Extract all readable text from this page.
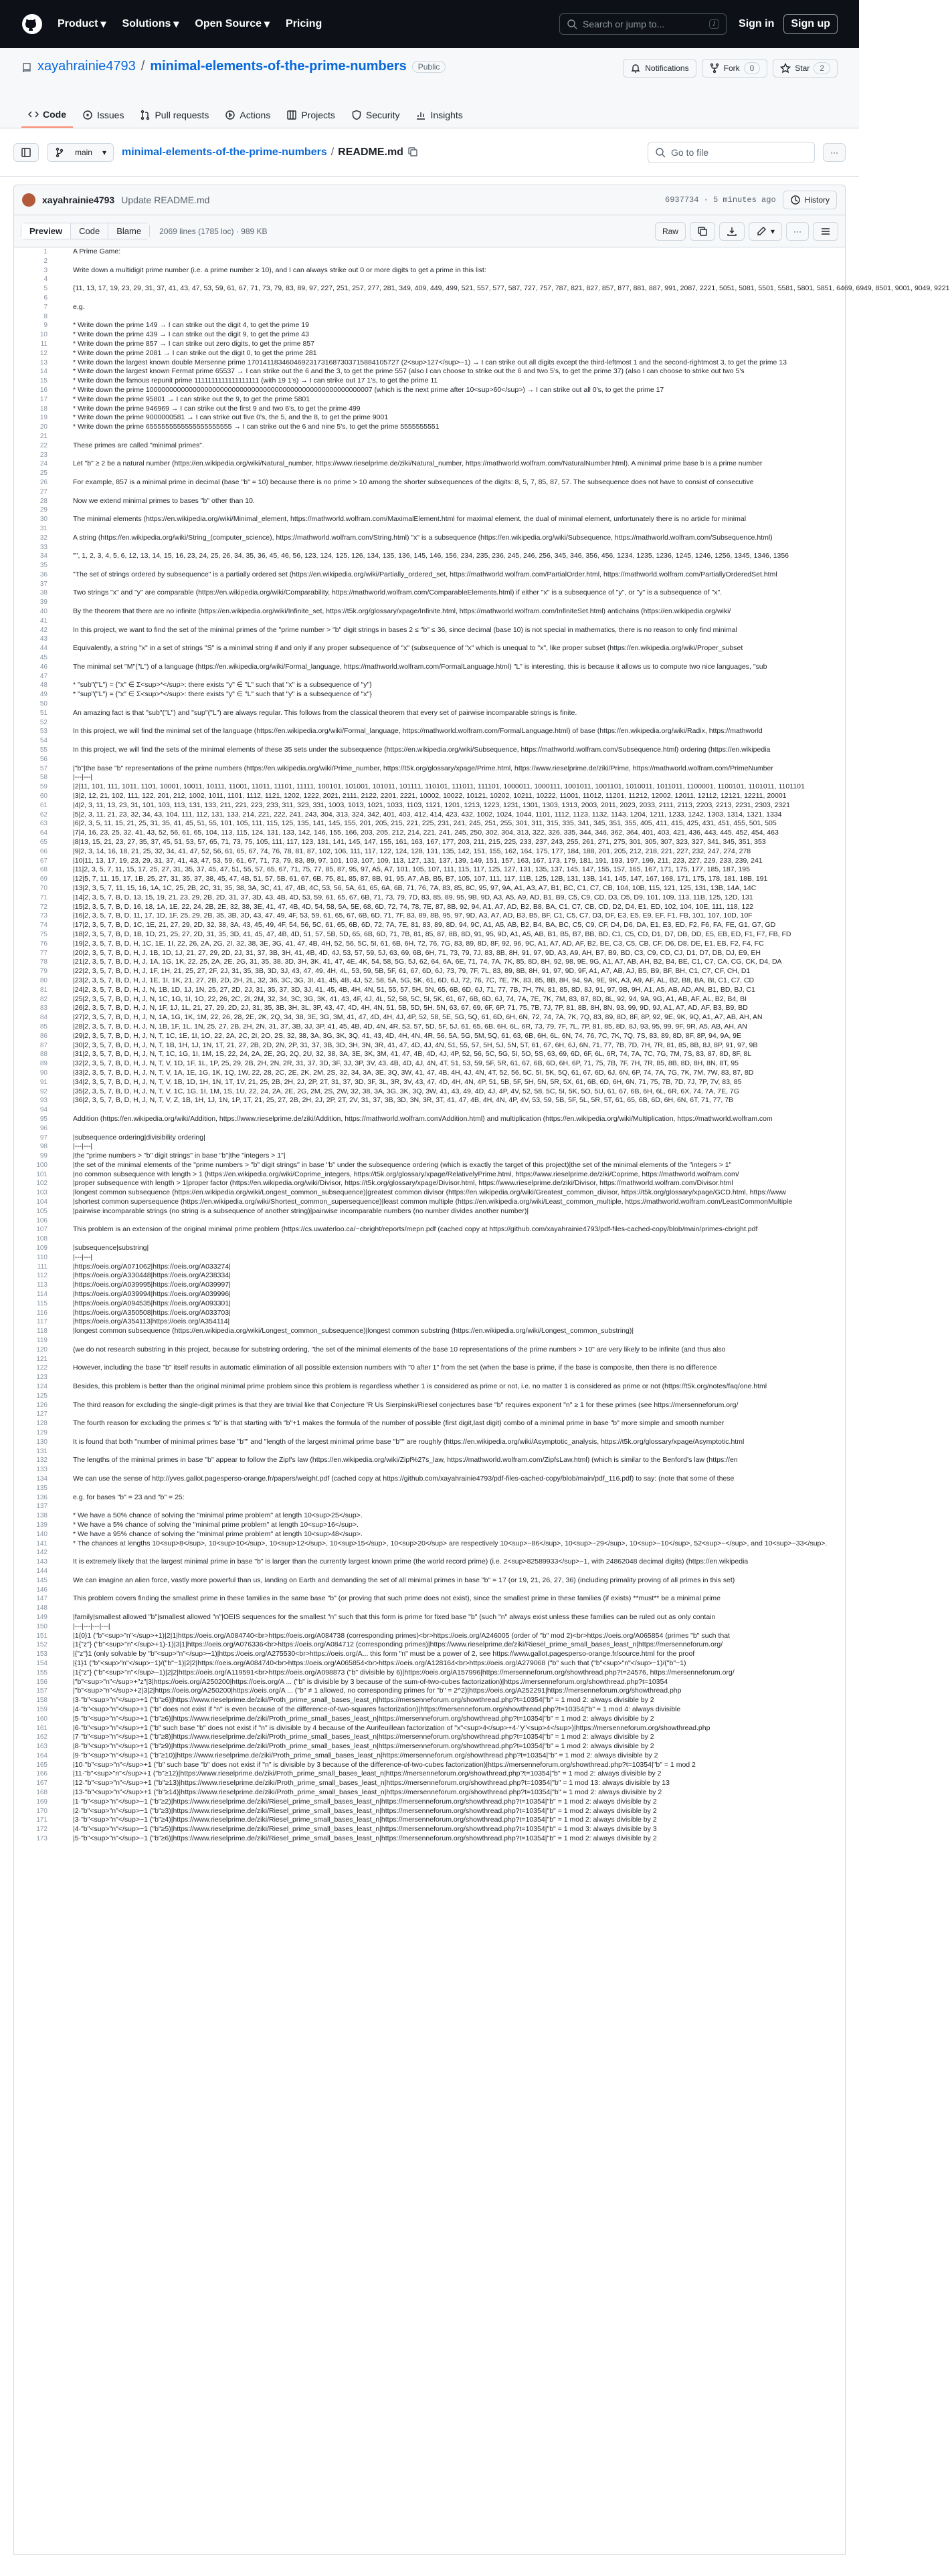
Product ▾ Solutions ▾ Open Source ▾ Pricing	Search or jump to...	/	Sign in	Sign up
xayahrainie4793 / minimal-elements-of-the-prime-numbers	Public	Notifications	Fork	0	Star	2
Code	Issues	Pull requests	Actions	Projects	Security	Insights
main ▾ minimal-elements-of-the-prime-numbers / README.md	Go to file	···
xayahrainie4793 Update README.md	6937734 · 5 minutes ago	History
Preview	Code	Blame	2069 lines (1785 loc) · 989 KB	Raw	▾ ···
1	A Prime Game:
2
3	Write down a multidigit prime number (i.e. a prime number ≥ 10), and I can always strike out 0 or more digits to get a prime in this list:
4
5	{11, 13, 17, 19, 23, 29, 31, 37, 41, 43, 47, 53, 59, 61, 67, 71, 73, 79, 83, 89, 97, 227, 251, 257, 277, 281, 349, 409, 449, 499, 521, 557, 577, 587, 727, 757, 787, 821, 827, 857, 877, 881, 887, 991, 2087, 2221, 5051, 5081, 5501, 5581, 5801, 5851, 6469, 6949, 8501, 9001, 9049, 9221
6
7	e.g.
8
9	* Write down the prime 149 → I can strike out the digit 4, to get the prime 19
10	* Write down the prime 439 → I can strike out the digit 9, to get the prime 43
11	* Write down the prime 857 → I can strike out zero digits, to get the prime 857
12	* Write down the prime 2081 → I can strike out the digit 0, to get the prime 281
13	* Write down the largest known double Mersenne prime 170141183460469231731687303715884105727 (2<sup>127</sup>−1) → I can strike out all digits except the third-leftmost 1 and the second-rightmost 3, to get the prime 13
14	* Write down the largest known Fermat prime 65537 → I can strike out the 6 and the 3, to get the prime 557 (also I can choose to strike out the 6 and two 5's, to get the prime 37) (also I can choose to strike out two 5's
15	* Write down the famous repunit prime 1111111111111111111 (with 19 1's) → I can strike out 17 1's, to get the prime 11
16	* Write down the prime 1000000000000000000000000000000000000000000000000000000007 (which is the next prime after 10<sup>60</sup>) → I can strike out all 0's, to get the prime 17
17	* Write down the prime 95801 → I can strike out the 9, to get the prime 5801
18	* Write down the prime 946969 → I can strike out the first 9 and two 6's, to get the prime 499
19	* Write down the prime 9000000581 → I can strike out five 0's, the 5, and the 8, to get the prime 9001
20	* Write down the prime 6555555555555555555555 → I can strike out the 6 and nine 5's, to get the prime 5555555551
21
22	These primes are called "minimal primes".
23
24	Let "b" ≥ 2 be a natural number (https://en.wikipedia.org/wiki/Natural_number, https://www.rieselprime.de/ziki/Natural_number, https://mathworld.wolfram.com/NaturalNumber.html). A minimal prime base b is a prime number
25
26	For example, 857 is a minimal prime in decimal (base "b" = 10) because there is no prime > 10 among the shorter subsequences of the digits: 8, 5, 7, 85, 87, 57. The subsequence does not have to consist of consecutive
27
28	Now we extend minimal primes to bases "b" other than 10.
29
30	The minimal elements (https://en.wikipedia.org/wiki/Minimal_element, https://mathworld.wolfram.com/MaximalElement.html for maximal element, the dual of minimal element, unfortunately there is no article for minimal
31
32	A string (https://en.wikipedia.org/wiki/String_(computer_science), https://mathworld.wolfram.com/String.html) "x" is a subsequence (https://en.wikipedia.org/wiki/Subsequence, https://mathworld.wolfram.com/Subsequence.html)
33
34	"", 1, 2, 3, 4, 5, 6, 12, 13, 14, 15, 16, 23, 24, 25, 26, 34, 35, 36, 45, 46, 56, 123, 124, 125, 126, 134, 135, 136, 145, 146, 156, 234, 235, 236, 245, 246, 256, 345, 346, 356, 456, 1234, 1235, 1236, 1245, 1246, 1256, 1345, 1346, 1356
35
36	"The set of strings ordered by subsequence" is a partially ordered set (https://en.wikipedia.org/wiki/Partially_ordered_set, https://mathworld.wolfram.com/PartialOrder.html, https://mathworld.wolfram.com/PartiallyOrderedSet.html
37
38	Two strings "x" and "y" are comparable (https://en.wikipedia.org/wiki/Comparability, https://mathworld.wolfram.com/ComparableElements.html) if either "x" is a subsequence of "y", or "y" is a subsequence of "x".
39
40	By the theorem that there are no infinite (https://en.wikipedia.org/wiki/Infinite_set, https://t5k.org/glossary/xpage/Infinite.html, https://mathworld.wolfram.com/InfiniteSet.html) antichains (https://en.wikipedia.org/wiki/
41
42	In this project, we want to find the set of the minimal primes of the "prime number > "b" digit strings in bases 2 ≤ "b" ≤ 36, since decimal (base 10) is not special in mathematics, there is no reason to only find minimal
43
44	Equivalently, a string "x" in a set of strings "S" is a minimal string if and only if any proper subsequence of "x" (subsequence of "x" which is unequal to "x", like proper subset (https://en.wikipedia.org/wiki/Proper_subset
45
46	The minimal set "M"("L") of a language (https://en.wikipedia.org/wiki/Formal_language, https://mathworld.wolfram.com/FormalLanguage.html) "L" is interesting, this is because it allows us to compute two nice languages, "sub
47
48	* "sub"("L") = {"x" ∈ Σ<sup>*</sup>: there exists "y" ∈ "L" such that "x" is a subsequence of "y"}
49	* "sup"("L") = {"x" ∈ Σ<sup>*</sup>: there exists "y" ∈ "L" such that "y" is a subsequence of "x"}
50
51	An amazing fact is that "sub"("L") and "sup"("L") are always regular. This follows from the classical theorem that every set of pairwise incomparable strings is finite.
52
53	In this project, we will find the minimal set of the language (https://en.wikipedia.org/wiki/Formal_language, https://mathworld.wolfram.com/FormalLanguage.html) of base (https://en.wikipedia.org/wiki/Radix, https://mathworld
54
55	In this project, we will find the sets of the minimal elements of these 35 sets under the subsequence (https://en.wikipedia.org/wiki/Subsequence, https://mathworld.wolfram.com/Subsequence.html) ordering (https://en.wikipedia
56
57	|"b"|the base "b" representations of the prime numbers (https://en.wikipedia.org/wiki/Prime_number, https://t5k.org/glossary/xpage/Prime.html, https://www.rieselprime.de/ziki/Prime, https://mathworld.wolfram.com/PrimeNumber
58	|---|---|
59	|2|11, 101, 111, 1011, 1101, 10001, 10011, 10111, 11001, 11011, 11101, 11111, 100101, 101001, 101011, 101111, 110101, 111011, 111101, 1000011, 1000111, 1001011, 1001101, 1010011, 1011011, 1100001, 1100101, 1101011, 1101101
60	|3|2, 12, 21, 102, 111, 122, 201, 212, 1002, 1011, 1101, 1112, 1121, 1202, 1222, 2021, 2111, 2122, 2201, 2221, 10002, 10022, 10121, 10202, 10211, 10222, 11001, 11012, 11201, 11212, 12002, 12011, 12112, 12121, 12211, 20001
61	|4|2, 3, 11, 13, 23, 31, 101, 103, 113, 131, 133, 211, 221, 223, 233, 311, 323, 331, 1003, 1013, 1021, 1033, 1103, 1121, 1201, 1213, 1223, 1231, 1301, 1303, 1313, 2003, 2011, 2023, 2033, 2111, 2113, 2203, 2213, 2231, 2303, 2321
62	|5|2, 3, 11, 21, 23, 32, 34, 43, 104, 111, 112, 131, 133, 214, 221, 222, 241, 243, 304, 313, 324, 342, 401, 403, 412, 414, 423, 432, 1002, 1024, 1044, 1101, 1112, 1123, 1132, 1143, 1204, 1211, 1233, 1242, 1303, 1314, 1321, 1334
63	|6|2, 3, 5, 11, 15, 21, 25, 31, 35, 41, 45, 51, 55, 101, 105, 111, 115, 125, 135, 141, 145, 155, 201, 205, 215, 221, 225, 231, 241, 245, 251, 255, 301, 311, 315, 335, 341, 345, 351, 355, 405, 411, 415, 425, 431, 451, 455, 501, 505
64	|7|4, 16, 23, 25, 32, 41, 43, 52, 56, 61, 65, 104, 113, 115, 124, 131, 133, 142, 146, 155, 166, 203, 205, 212, 214, 221, 241, 245, 250, 302, 304, 313, 322, 326, 335, 344, 346, 362, 364, 401, 403, 421, 436, 443, 445, 452, 454, 463
65	|8|13, 15, 21, 23, 27, 35, 37, 45, 51, 53, 57, 65, 71, 73, 75, 105, 111, 117, 123, 131, 141, 145, 147, 155, 161, 163, 167, 177, 203, 211, 215, 225, 233, 237, 243, 255, 261, 271, 275, 301, 305, 307, 323, 327, 341, 345, 351, 353
66	|9|2, 3, 14, 16, 18, 21, 25, 32, 34, 41, 47, 52, 56, 61, 65, 67, 74, 76, 78, 81, 87, 102, 106, 111, 117, 122, 124, 128, 131, 135, 142, 151, 155, 162, 164, 175, 177, 184, 188, 201, 205, 212, 218, 221, 227, 232, 247, 274, 278
67	|10|11, 13, 17, 19, 23, 29, 31, 37, 41, 43, 47, 53, 59, 61, 67, 71, 73, 79, 83, 89, 97, 101, 103, 107, 109, 113, 127, 131, 137, 139, 149, 151, 157, 163, 167, 173, 179, 181, 191, 193, 197, 199, 211, 223, 227, 229, 233, 239, 241
68	|11|2, 3, 5, 7, 11, 15, 17, 25, 27, 31, 35, 37, 45, 47, 51, 55, 57, 65, 67, 71, 75, 77, 85, 87, 95, 97, A5, A7, 101, 105, 107, 111, 115, 117, 125, 127, 131, 135, 137, 145, 147, 155, 157, 165, 167, 171, 175, 177, 185, 187, 195
69	|12|5, 7, 11, 15, 17, 1B, 25, 27, 31, 35, 37, 38, 45, 47, 4B, 51, 57, 5B, 61, 67, 6B, 75, 81, 85, 87, 8B, 91, 95, A7, AB, B5, B7, 105, 107, 111, 117, 11B, 125, 12B, 131, 13B, 141, 145, 147, 167, 168, 171, 175, 178, 181, 18B, 191
70	|13|2, 3, 5, 7, 11, 15, 16, 1A, 1C, 25, 2B, 2C, 31, 35, 38, 3A, 3C, 41, 47, 4B, 4C, 53, 56, 5A, 61, 65, 6A, 6B, 71, 76, 7A, 83, 85, 8C, 95, 97, 9A, A1, A3, A7, B1, BC, C1, C7, CB, 104, 10B, 115, 121, 125, 131, 13B, 14A, 14C
71	|14|2, 3, 5, 7, B, D, 13, 15, 19, 21, 23, 29, 2B, 2D, 31, 37, 3D, 43, 4B, 4D, 53, 59, 61, 65, 67, 6B, 71, 73, 79, 7D, 83, 85, 89, 95, 9B, 9D, A3, A5, A9, AD, B1, B9, C5, C9, CD, D3, D5, D9, 101, 109, 113, 11B, 125, 12D, 131
72	|15|2, 3, 5, 7, B, D, 16, 18, 1A, 1E, 22, 24, 2B, 2E, 32, 38, 3E, 41, 47, 4B, 4D, 54, 58, 5A, 5E, 68, 6D, 72, 74, 78, 7E, 87, 8B, 92, 94, A1, A7, AD, B2, B8, BA, C1, C7, CB, CD, D2, D4, E1, ED, 102, 104, 10E, 111, 118, 122
73	|16|2, 3, 5, 7, B, D, 11, 17, 1D, 1F, 25, 29, 2B, 35, 3B, 3D, 43, 47, 49, 4F, 53, 59, 61, 65, 67, 6B, 6D, 71, 7F, 83, 89, 8B, 95, 97, 9D, A3, A7, AD, B3, B5, BF, C1, C5, C7, D3, DF, E3, E5, E9, EF, F1, FB, 101, 107, 10D, 10F
74	|17|2, 3, 5, 7, B, D, 1C, 1E, 21, 27, 29, 2D, 32, 38, 3A, 43, 45, 49, 4F, 54, 56, 5C, 61, 65, 6B, 6D, 72, 7A, 7E, 81, 83, 89, 8D, 94, 9C, A1, A5, AB, B2, B4, BA, BC, C5, C9, CF, D4, D6, DA, E1, E3, ED, F2, F6, FA, FE, G1, G7, GD
75	|18|2, 3, 5, 7, B, D, 1B, 1D, 21, 25, 27, 2D, 31, 35, 3D, 41, 45, 47, 4B, 4D, 51, 57, 5B, 5D, 65, 6B, 6D, 71, 7B, 81, 85, 87, 8B, 8D, 91, 95, 9D, A1, A5, AB, B1, B5, B7, BB, BD, C1, C5, CD, D1, D7, DB, DD, E5, EB, ED, F1, F7, FB, FD
76	|19|2, 3, 5, 7, B, D, H, 1C, 1E, 1I, 22, 26, 2A, 2G, 2I, 32, 38, 3E, 3G, 41, 47, 4B, 4H, 52, 56, 5C, 5I, 61, 6B, 6H, 72, 76, 7G, 83, 89, 8D, 8F, 92, 96, 9C, A1, A7, AD, AF, B2, BE, C3, C5, CB, CF, D6, D8, DE, E1, EB, F2, F4, FC
77	|20|2, 3, 5, 7, B, D, H, J, 1B, 1D, 1J, 21, 27, 29, 2D, 2J, 31, 37, 3B, 3H, 41, 4B, 4D, 4J, 53, 57, 59, 5J, 63, 69, 6B, 6H, 71, 73, 79, 7J, 83, 8B, 8H, 91, 97, 9D, A3, A9, AH, B7, B9, BD, C3, C9, CD, CJ, D1, D7, DB, DJ, E9, EH
78	|21|2, 3, 5, 7, B, D, H, J, 1A, 1G, 1K, 22, 25, 2A, 2E, 2G, 31, 35, 38, 3D, 3H, 3K, 41, 47, 4E, 4K, 54, 58, 5G, 5J, 62, 64, 6A, 6E, 71, 74, 7A, 7K, 85, 8D, 8H, 92, 98, 9E, 9G, A1, A7, AB, AH, B2, B4, BE, C1, C7, CA, CG, CK, D4, DA
79	|22|2, 3, 5, 7, B, D, H, J, 1F, 1H, 21, 25, 27, 2F, 2J, 31, 35, 3B, 3D, 3J, 43, 47, 49, 4H, 4L, 53, 59, 5B, 5F, 61, 67, 6D, 6J, 73, 79, 7F, 7L, 83, 89, 8B, 8H, 91, 97, 9D, 9F, A1, A7, AB, AJ, B5, B9, BF, BH, C1, C7, CF, CH, D1
80	|23|2, 3, 5, 7, B, D, H, J, 1E, 1I, 1K, 21, 27, 2B, 2D, 2H, 2L, 32, 36, 3C, 3G, 3I, 41, 45, 4B, 4J, 52, 58, 5A, 5G, 5K, 61, 6D, 6J, 72, 76, 7C, 7E, 7K, 83, 85, 8B, 8H, 94, 9A, 9E, 9K, A3, A9, AF, AL, B2, B8, BA, BI, C1, C7, CD
81	|24|2, 3, 5, 7, B, D, H, J, N, 1B, 1D, 1J, 1N, 25, 27, 2D, 2J, 31, 35, 37, 3D, 3J, 41, 45, 4B, 4H, 4N, 51, 55, 57, 5H, 5N, 65, 6B, 6D, 6J, 71, 77, 7B, 7H, 7N, 81, 85, 8D, 8J, 91, 97, 9B, 9H, A1, A5, AB, AD, AN, B1, BD, BJ, C1
82	|25|2, 3, 5, 7, B, D, H, J, N, 1C, 1G, 1I, 1O, 22, 26, 2C, 2I, 2M, 32, 34, 3C, 3G, 3K, 41, 43, 4F, 4J, 4L, 52, 58, 5C, 5I, 5K, 61, 67, 6B, 6D, 6J, 74, 7A, 7E, 7K, 7M, 83, 87, 8D, 8L, 92, 94, 9A, 9G, A1, AB, AF, AL, B2, B4, BI
83	|26|2, 3, 5, 7, B, D, H, J, N, 1F, 1J, 1L, 21, 27, 29, 2D, 2J, 31, 35, 3B, 3H, 3L, 3P, 43, 47, 4D, 4H, 4N, 51, 5B, 5D, 5H, 5N, 63, 67, 69, 6F, 6P, 71, 75, 7B, 7J, 7P, 81, 8B, 8H, 8N, 93, 99, 9D, 9J, A1, A7, AD, AF, B3, B9, BD
84	|27|2, 3, 5, 7, B, D, H, J, N, 1A, 1G, 1K, 1M, 22, 26, 28, 2E, 2K, 2Q, 34, 38, 3E, 3G, 3M, 41, 47, 4D, 4H, 4J, 4P, 52, 58, 5E, 5G, 5Q, 61, 6D, 6H, 6N, 72, 74, 7A, 7K, 7Q, 83, 89, 8D, 8F, 8P, 92, 9E, 9K, 9Q, A1, A7, AB, AH, AN
85	|28|2, 3, 5, 7, B, D, H, J, N, 1B, 1F, 1L, 1N, 25, 27, 2B, 2H, 2N, 31, 37, 3B, 3J, 3P, 41, 45, 4B, 4D, 4N, 4R, 53, 57, 5D, 5F, 5J, 61, 65, 6B, 6H, 6L, 6R, 73, 79, 7F, 7L, 7P, 81, 85, 8D, 8J, 93, 95, 99, 9F, 9R, A5, AB, AH, AN
86	|29|2, 3, 5, 7, B, D, H, J, N, T, 1C, 1E, 1I, 1O, 22, 2A, 2C, 2I, 2O, 2S, 32, 38, 3A, 3G, 3K, 3Q, 41, 43, 4D, 4H, 4N, 4R, 56, 5A, 5G, 5M, 5Q, 61, 63, 6B, 6H, 6L, 6N, 74, 76, 7C, 7K, 7Q, 7S, 83, 89, 8D, 8F, 8P, 94, 9A, 9E
87	|30|2, 3, 5, 7, B, D, H, J, N, T, 1B, 1H, 1J, 1N, 1T, 21, 27, 2B, 2D, 2N, 2P, 31, 37, 3B, 3D, 3H, 3N, 3R, 41, 47, 4D, 4J, 4N, 51, 55, 57, 5H, 5J, 5N, 5T, 61, 67, 6H, 6J, 6N, 71, 77, 7B, 7D, 7H, 7R, 81, 85, 8B, 8J, 8P, 91, 97, 9B
88	|31|2, 3, 5, 7, B, D, H, J, N, T, 1C, 1G, 1I, 1M, 1S, 22, 24, 2A, 2E, 2G, 2Q, 2U, 32, 38, 3A, 3E, 3K, 3M, 41, 47, 4B, 4D, 4J, 4P, 52, 56, 5C, 5G, 5I, 5O, 5S, 63, 69, 6D, 6F, 6L, 6R, 74, 7A, 7C, 7G, 7M, 7S, 83, 87, 8D, 8F, 8L
89	|32|2, 3, 5, 7, B, D, H, J, N, T, V, 1D, 1F, 1L, 1P, 25, 29, 2B, 2H, 2N, 2R, 31, 37, 3D, 3F, 3J, 3P, 3V, 43, 4B, 4D, 4J, 4N, 4T, 51, 53, 59, 5F, 5R, 61, 67, 6B, 6D, 6H, 6P, 71, 75, 7B, 7F, 7H, 7R, 85, 8B, 8D, 8H, 8N, 8T, 95
90	|33|2, 3, 5, 7, B, D, H, J, N, T, V, 1A, 1E, 1G, 1K, 1Q, 1W, 22, 28, 2C, 2E, 2K, 2M, 2S, 32, 34, 3A, 3E, 3Q, 3W, 41, 47, 4B, 4H, 4J, 4N, 4T, 52, 56, 5C, 5I, 5K, 5Q, 61, 67, 6D, 6J, 6N, 6P, 74, 7A, 7G, 7K, 7M, 7W, 83, 87, 8D
91	|34|2, 3, 5, 7, B, D, H, J, N, T, V, 1B, 1D, 1H, 1N, 1T, 1V, 21, 25, 2B, 2H, 2J, 2P, 2T, 31, 37, 3D, 3F, 3L, 3R, 3V, 43, 47, 4D, 4H, 4N, 4P, 51, 5B, 5F, 5H, 5N, 5R, 5X, 61, 6B, 6D, 6H, 6N, 71, 75, 7B, 7D, 7J, 7P, 7V, 83, 85
92	|35|2, 3, 5, 7, B, D, H, J, N, T, V, 1C, 1G, 1I, 1M, 1S, 1U, 22, 24, 2A, 2E, 2G, 2M, 2S, 2W, 32, 38, 3A, 3G, 3K, 3Q, 3W, 41, 43, 49, 4D, 4J, 4P, 4V, 52, 58, 5C, 5I, 5K, 5O, 5U, 61, 67, 6B, 6H, 6L, 6R, 6X, 74, 7A, 7E, 7G
93	|36|2, 3, 5, 7, B, D, H, J, N, T, V, Z, 1B, 1H, 1J, 1N, 1P, 1T, 21, 25, 27, 2B, 2H, 2J, 2P, 2T, 2V, 31, 37, 3B, 3D, 3N, 3R, 3T, 41, 47, 4B, 4H, 4N, 4P, 4V, 53, 59, 5B, 5F, 5L, 5R, 5T, 61, 65, 6B, 6D, 6H, 6N, 6T, 71, 77, 7B
94
95	Addition (https://en.wikipedia.org/wiki/Addition, https://www.rieselprime.de/ziki/Addition, https://mathworld.wolfram.com/Addition.html) and multiplication (https://en.wikipedia.org/wiki/Multiplication, https://mathworld.wolfram.com
96
97	|subsequence ordering|divisibility ordering|
98	|---|---|
99	|the "prime numbers > "b" digit strings" in base "b"|the "integers > 1"|
100	|the set of the minimal elements of the "prime numbers > "b" digit strings" in base "b" under the subsequence ordering (which is exactly the target of this project)|the set of the minimal elements of the "integers > 1"
101	|no common subsequence with length > 1 (https://en.wikipedia.org/wiki/Coprime_integers, https://t5k.org/glossary/xpage/RelativelyPrime.html, https://www.rieselprime.de/ziki/Coprime, https://mathworld.wolfram.com/
102	|proper subsequence with length > 1|proper factor (https://en.wikipedia.org/wiki/Divisor, https://t5k.org/glossary/xpage/Divisor.html, https://www.rieselprime.de/ziki/Divisor, https://mathworld.wolfram.com/Divisor.html
103	|longest common subsequence (https://en.wikipedia.org/wiki/Longest_common_subsequence)|greatest common divisor (https://en.wikipedia.org/wiki/Greatest_common_divisor, https://t5k.org/glossary/xpage/GCD.html, https://www
104	|shortest common supersequence (https://en.wikipedia.org/wiki/Shortest_common_supersequence)|least common multiple (https://en.wikipedia.org/wiki/Least_common_multiple, https://mathworld.wolfram.com/LeastCommonMultiple
105	|pairwise incomparable strings (no string is a subsequence of another string)|pairwise incomparable numbers (no number divides another number)|
106
107	This problem is an extension of the original minimal prime problem (https://cs.uwaterloo.ca/~cbright/reports/mepn.pdf (cached copy at https://github.com/xayahrainie4793/pdf-files-cached-copy/blob/main/primes-cbright.pdf
108
109	|subsequence|substring|
110	|---|---|
111	|https://oeis.org/A071062|https://oeis.org/A033274|
112	|https://oeis.org/A330448|https://oeis.org/A238334|
113	|https://oeis.org/A039995|https://oeis.org/A039997|
114	|https://oeis.org/A039994|https://oeis.org/A039996|
115	|https://oeis.org/A094535|https://oeis.org/A093301|
116	|https://oeis.org/A350508|https://oeis.org/A033703|
117	|https://oeis.org/A354113|https://oeis.org/A354114|
118	|longest common subsequence (https://en.wikipedia.org/wiki/Longest_common_subsequence)|longest common substring (https://en.wikipedia.org/wiki/Longest_common_substring)|
119
120	(we do not research substring in this project, because for substring ordering, "the set of the minimal elements of the base 10 representations of the prime numbers > 10" are very likely to be infinite (and thus also
121
122	However, including the base "b" itself results in automatic elimination of all possible extension numbers with "0 after 1" from the set (when the base is prime, if the base is composite, then there is no difference
123
124	Besides, this problem is better than the original minimal prime problem since this problem is regardless whether 1 is considered as prime or not, i.e. no matter 1 is considered as prime or not (https://t5k.org/notes/faq/one.html
125
126	The third reason for excluding the single-digit primes is that they are trivial like that Conjecture 'R Us Sierpinski/Riesel conjectures base "b" requires exponent "n" ≥ 1 for these primes (see https://mersenneforum.org/
127
128	The fourth reason for excluding the primes ≤ "b" is that starting with "b"+1 makes the formula of the number of possible (first digit,last digit) combo of a minimal prime in base "b" more simple and smooth number
129
130	It is found that both "number of minimal primes base "b"" and "length of the largest minimal prime base "b"" are roughly (https://en.wikipedia.org/wiki/Asymptotic_analysis, https://t5k.org/glossary/xpage/Asymptotic.html
131
132	The lengths of the minimal primes in base "b" appear to follow the Zipf's law (https://en.wikipedia.org/wiki/Zipf%27s_law, https://mathworld.wolfram.com/ZipfsLaw.html) (which is similar to the Benford's law (https://en
133
134	We can use the sense of http://yves.gallot.pagesperso-orange.fr/papers/weight.pdf (cached copy at https://github.com/xayahrainie4793/pdf-files-cached-copy/blob/main/pdf_116.pdf) to say: (note that some of these
135
136	e.g. for bases "b" = 23 and "b" = 25:
137
138	* We have a 50% chance of solving the "minimal prime problem" at length 10<sup>25</sup>.
139	* We have a 5% chance of solving the "minimal prime problem" at length 10<sup>16</sup>.
140	* We have a 95% chance of solving the "minimal prime problem" at length 10<sup>48</sup>.
141	* The chances at lengths 10<sup>8</sup>, 10<sup>10</sup>, 10<sup>12</sup>, 10<sup>15</sup>, 10<sup>20</sup> are respectively 10<sup>−86</sup>, 10<sup>−29</sup>, 10<sup>−10</sup>, 52<sup>−</sup>, and 10<sup>−33</sup>.
142
143	It is extremely likely that the largest minimal prime in base "b" is larger than the currently largest known prime (the world record prime) (i.e. 2<sup>82589933</sup>−1, with 24862048 decimal digits) (https://en.wikipedia
144
145	We can imagine an alien force, vastly more powerful than us, landing on Earth and demanding the set of all minimal primes in base "b" = 17 (or 19, 21, 26, 27, 36) (including primality proving of all primes in this set)
146
147	This problem covers finding the smallest prime in these families in the same base "b" (or proving that such prime does not exist), since the smallest prime in these families (if exists) **must** be a minimal prime
148
149	|family|smallest allowed "b"|smallest allowed "n"|OEIS sequences for the smallest "n" such that this form is prime for fixed base "b" (such "n" always exist unless these families can be ruled out as only contain
150	|---|---|---|---|
151	|1{0}1 ("b"<sup>"n"</sup>+1)|2|1|https://oeis.org/A084740<br>https://oeis.org/A084738 (corresponding primes)<br>https://oeis.org/A246005 (order of "b" mod 2)<br>https://oeis.org/A065854 (primes "b" such that
152	|1{"z"} ("b"<sup>"n"</sup>+1)-1)|3|1|https://oeis.org/A076336<br>https://oeis.org/A084712 (corresponding primes)|https://www.rieselprime.de/ziki/Riesel_prime_small_bases_least_n|https://mersenneforum.org/
153	|{"z"}1 (only solvable by "b"<sup>"n"</sup>−1)|https://oeis.org/A275530<br>https://oeis.org/A... this form "n" must be a power of 2, see https://www.gallot.pagesperso-orange.fr/source.html for the proof
154	|{1}1 ("b"<sup>"n"</sup>−1)/("b"−1)|2|2|https://oeis.org/A084740<br>https://oeis.org/A065854<br>https://oeis.org/A128164<br>https://oeis.org/A279068 ("b" such that ("b"<sup>"n"</sup>−1)/("b"−1)
155	|1{"z"} ("b"<sup>"n"</sup>−1)|2|2|https://oeis.org/A119591<br>https://oeis.org/A098873 ("b" divisible by 6)|https://oeis.org/A157996|https://mersenneforum.org/showthread.php?t=24576, https://mersenneforum.org/
156	|"b"<sup>"n"</sup>+"z"|3|https://oeis.org/A250200|https://oeis.org/A ... ("b" is divisible by 3 because of the sum-of-two-cubes factorization)|https://mersenneforum.org/showthread.php?t=10354
157	|"b"<sup>"n"</sup>+2|3|2|https://oeis.org/A250200|https://oeis.org/A ... ("b" ≠ 1 allowed, no corresponding primes for "b" = 2^2)|https://oeis.org/A252291|https://mersenneforum.org/showthread.php
158	|3·"b"<sup>"n"</sup>+1 ("b"≥6)|https://www.rieselprime.de/ziki/Proth_prime_small_bases_least_n|https://mersenneforum.org/showthread.php?t=10354|"b" = 1 mod 2: always divisible by 2
159	|4·"b"<sup>"n"</sup>+1 ("b" does not exist if "n" is even because of the difference-of-two-squares factorization)|https://mersenneforum.org/showthread.php?t=10354|"b" = 1 mod 4: always divisible
160	|5·"b"<sup>"n"</sup>+1 ("b"≥6)|https://www.rieselprime.de/ziki/Proth_prime_small_bases_least_n|https://mersenneforum.org/showthread.php?t=10354|"b" = 1 mod 2: always divisible by 2
161	|6·"b"<sup>"n"</sup>+1 ("b" such base "b" does not exist if "n" is divisible by 4 because of the Aurifeuillean factorization of "x"<sup>4</sup>+4·"y"<sup>4</sup>)|https://mersenneforum.org/showthread.php
162	|7·"b"<sup>"n"</sup>+1 ("b"≥8)|https://www.rieselprime.de/ziki/Proth_prime_small_bases_least_n|https://mersenneforum.org/showthread.php?t=10354|"b" = 1 mod 2: always divisible by 2
163	|8·"b"<sup>"n"</sup>+1 ("b"≥9)|https://www.rieselprime.de/ziki/Proth_prime_small_bases_least_n|https://mersenneforum.org/showthread.php?t=10354|"b" = 1 mod 2: always divisible by 2
164	|9·"b"<sup>"n"</sup>+1 ("b"≥10)|https://www.rieselprime.de/ziki/Proth_prime_small_bases_least_n|https://mersenneforum.org/showthread.php?t=10354|"b" = 1 mod 2: always divisible by 2
165	|10·"b"<sup>"n"</sup>+1 ("b" such base "b" does not exist if "n" is divisible by 3 because of the difference-of-two-cubes factorization)|https://mersenneforum.org/showthread.php?t=10354|"b" = 1 mod 2
166	|11·"b"<sup>"n"</sup>+1 ("b"≥12)|https://www.rieselprime.de/ziki/Proth_prime_small_bases_least_n|https://mersenneforum.org/showthread.php?t=10354|"b" = 1 mod 2: always divisible by 2
167	|12·"b"<sup>"n"</sup>+1 ("b"≥13)|https://www.rieselprime.de/ziki/Proth_prime_small_bases_least_n|https://mersenneforum.org/showthread.php?t=10354|"b" = 1 mod 13: always divisible by 13
168	|13·"b"<sup>"n"</sup>+1 ("b"≥14)|https://www.rieselprime.de/ziki/Proth_prime_small_bases_least_n|https://mersenneforum.org/showthread.php?t=10354|"b" = 1 mod 2: always divisible by 2
169	|1·"b"<sup>"n"</sup>−1 ("b"≥2)|https://www.rieselprime.de/ziki/Riesel_prime_small_bases_least_n|https://mersenneforum.org/showthread.php?t=10354|"b" = 1 mod 2: always divisible by 2
170	|2·"b"<sup>"n"</sup>−1 ("b"≥3)|https://www.rieselprime.de/ziki/Riesel_prime_small_bases_least_n|https://mersenneforum.org/showthread.php?t=10354|"b" = 1 mod 2: always divisible by 2
171	|3·"b"<sup>"n"</sup>−1 ("b"≥4)|https://www.rieselprime.de/ziki/Riesel_prime_small_bases_least_n|https://mersenneforum.org/showthread.php?t=10354|"b" = 1 mod 2: always divisible by 2
172	|4·"b"<sup>"n"</sup>−1 ("b"≥5)|https://www.rieselprime.de/ziki/Riesel_prime_small_bases_least_n|https://mersenneforum.org/showthread.php?t=10354|"b" = 1 mod 3: always divisible by 3
173	|5·"b"<sup>"n"</sup>−1 ("b"≥6)|https://www.rieselprime.de/ziki/Riesel_prime_small_bases_least_n|https://mersenneforum.org/showthread.php?t=10354|"b" = 1 mod 2: always divisible by 2
